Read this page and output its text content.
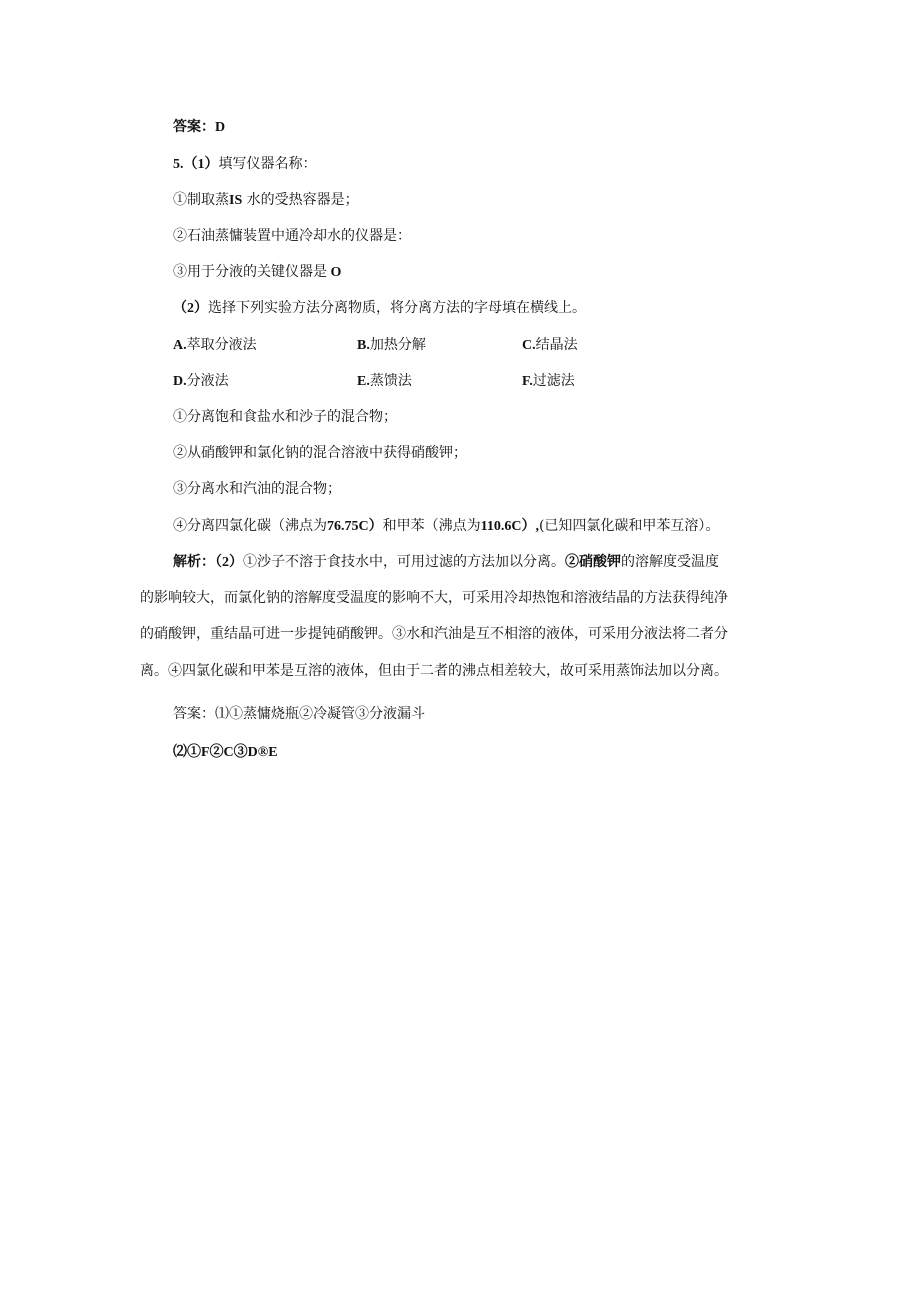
答案：D
5.（1）填写仪器名称：
①制取蒸IS 水的受热容器是；
②石油蒸慵装置中通冷却水的仪器是：
③用于分液的关键仪器是 O
（2）选择下列实验方法分离物质，将分离方法的字母填在横线上。
A.萃取分液法	B.加热分解	C.结晶法
D.分液法	E.蒸馈法	F.过滤法
①分离饱和食盐水和沙子的混合物；
②从硝酸钾和氯化钠的混合溶液中获得硝酸钾；
③分离水和汽油的混合物；
④分离四氯化碳（沸点为76.75C）和甲苯（沸点为110.6C）,(已知四氯化碳和甲苯互溶）。
解析：（2）①沙子不溶于食技水中，可用过滤的方法加以分离。②硝酸钾的溶解度受温度
的影响较大，而氯化钠的溶解度受温度的影响不大，可采用冷却热饱和溶液结晶的方法获得纯净
的硝酸钾，重结晶可进一步提钝硝酸钾。③水和汽油是互不相溶的液体，可采用分液法将二者分
离。④四氯化碳和甲苯是互溶的液体，但由于二者的沸点相差较大，故可采用蒸饰法加以分离。
答案：⑴①蒸慵烧瓶②冷凝管③分液漏斗
⑵①F②C③D®E
